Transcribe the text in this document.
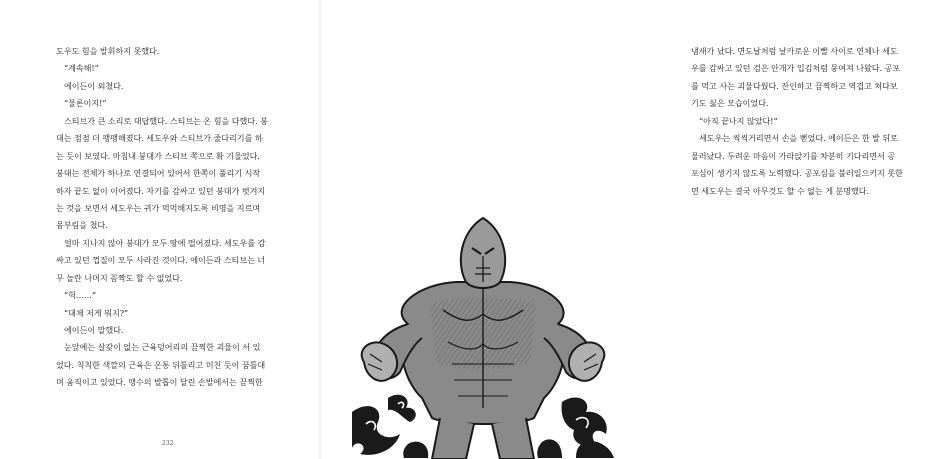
도우도 힘을 발휘하지 못했다.
“계속해!”
에이든이 외쳤다.
“물론이지!”
스티브가 큰 소리로 대답했다. 스티브는 온 힘을 다했다. 붕
대는 점점 더 팽팽해졌다. 세도우와 스티브가 줄다리기를 하
는 듯이 보였다. 마침내 붕대가 스티브 쪽으로 확 기울었다.
붕대는 전체가 하나로 연결되어 있어서 한쪽이 풀리기 시작
하자 끝도 없이 이어졌다. 자기를 감싸고 있던 붕대가 벗겨지
는 것을 보면서 세도우는 귀가 먹먹해지도록 비명을 지르며
몸부림을 쳤다.
얼마 지나지 않아 붕대가 모두 땅에 떨어졌다. 세도우를 감
싸고 있던 껍질이 모두 사라진 것이다. 에이든과 스티브는 너
무 놀란 나머지 꼼짝도 할 수 없었다.
“헉……”
“대체 저게 뭐지?”
에이든이 말했다.
눈앞에는 살갗이 없는 근육덩어리의 끔찍한 괴물이 서 있
었다. 칙칙한 색깔의 근육은 온통 뒤틀리고 미친 듯이 꿈틀대
며 움직이고 있었다. 맹수의 발톱이 달린 손발에서는 끔찍한
232
냄새가 났다. 면도날처럼 날카로운 이빨 사이로 연체나 세도
우를 감싸고 있던 검은 안개가 입김처럼 뭉여져 나왔다. 공포
를 먹고 사는 괴물다웠다. 잔인하고 끔찍하고 역겹고 쳐다보
기도 싫은 모습이었다.
“아직 끝나지 않았다!”
세도우는 씩씩거리면서 손을 뻗었다. 에이든은 한 발 뒤로
물러났다. 두려운 마음이 가라앉기를 차분히 기다리면서 공
포심이 생기지 않도록 노력했다. 공포심을 불러일으키지 못한
면 세도우는 결국 아무것도 할 수 없는 게 분명했다.
